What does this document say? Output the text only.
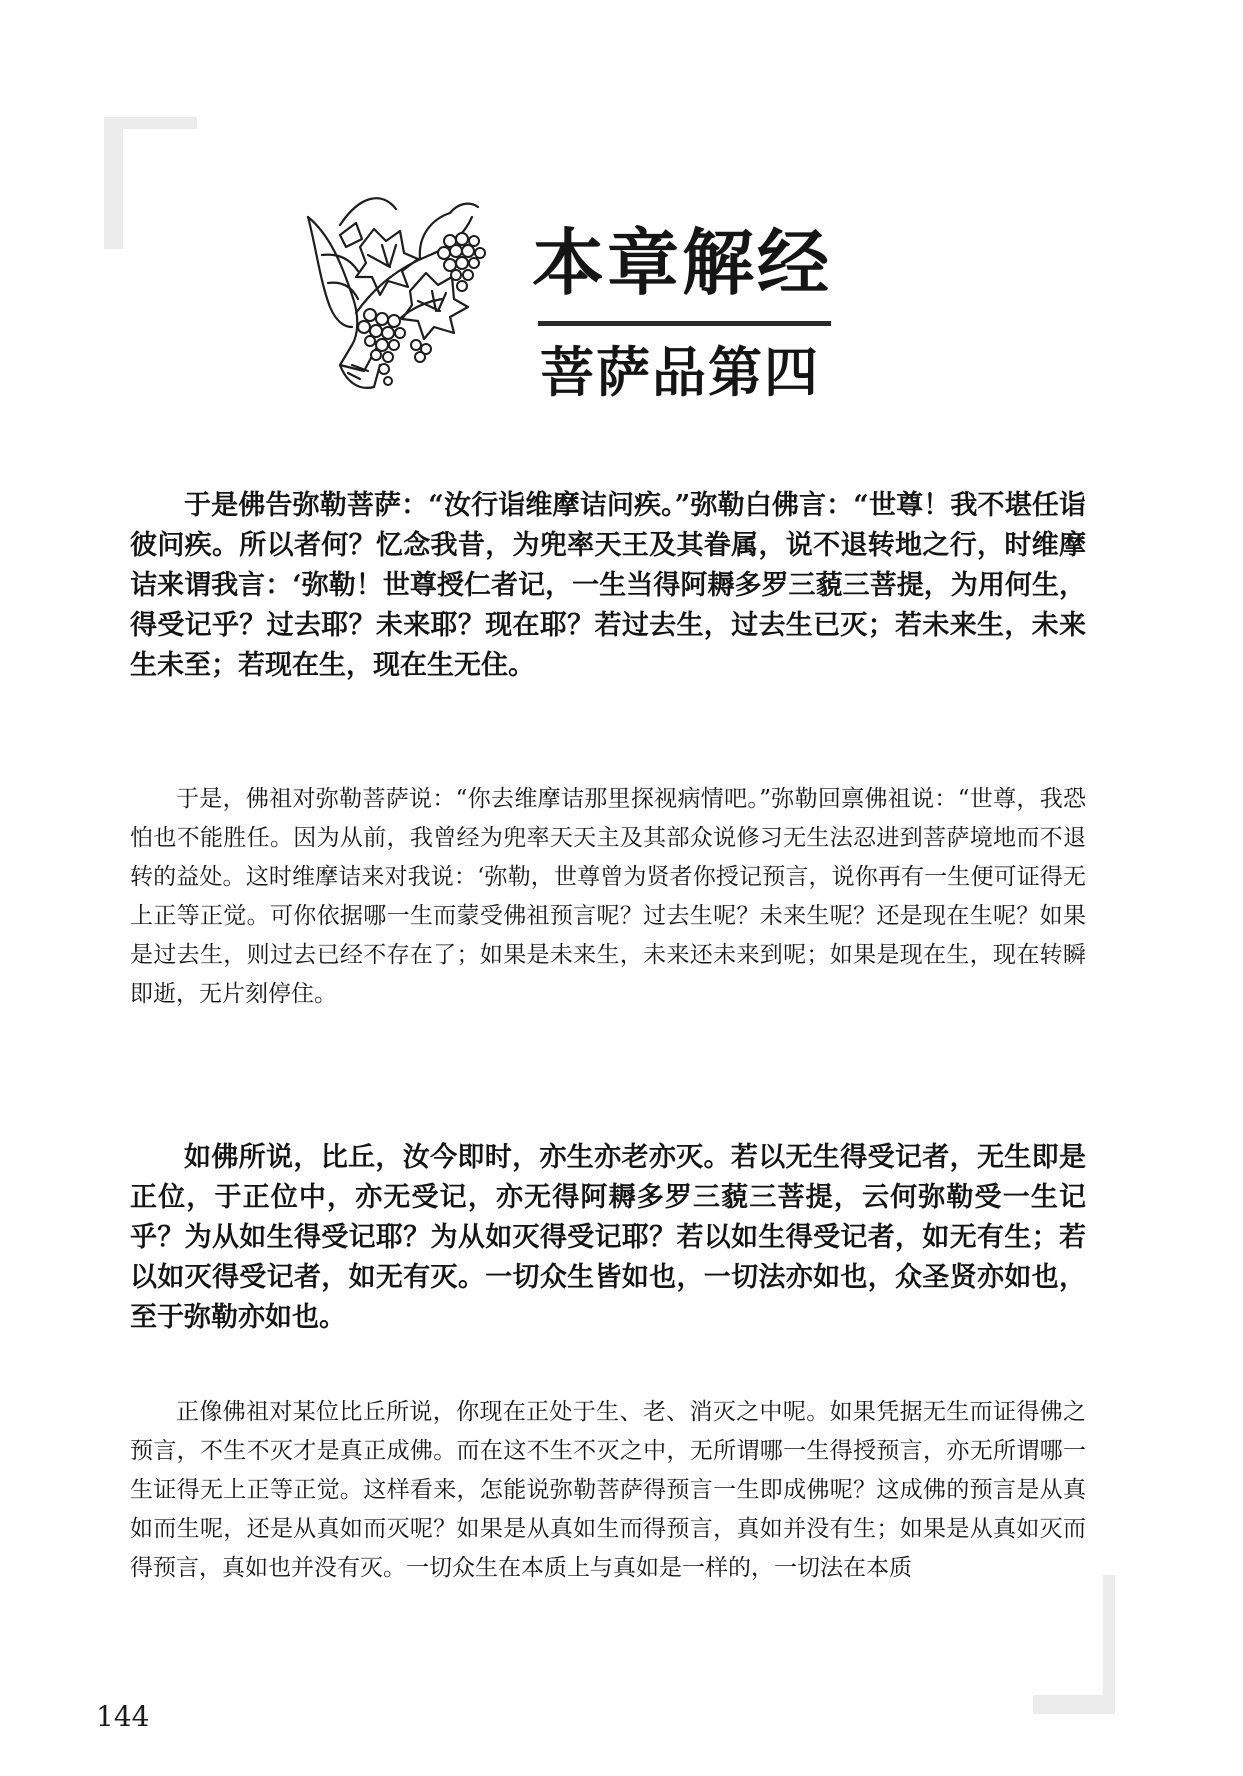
本章解经
菩萨品第四

于是佛告弥勒菩萨：“汝行诣维摩诘问疾。”弥勒白佛言：“世尊！我不堪任诣彼问疾。所以者何？忆念我昔，为兜率天王及其眷属，说不退转地之行，时维摩诘来谓我言：‘弥勒！世尊授仁者记，一生当得阿耨多罗三藐三菩提，为用何生，得受记乎？过去耶？未来耶？现在耶？若过去生，过去生已灭；若未来生，未来生未至；若现在生，现在生无住。

于是，佛祖对弥勒菩萨说：“你去维摩诘那里探视病情吧。”弥勒回禀佛祖说：“世尊，我恐怕也不能胜任。因为从前，我曾经为兜率天天主及其部众说修习无生法忍进到菩萨境地而不退转的益处。这时维摩诘来对我说：‘弥勒，世尊曾为贤者你授记预言，说你再有一生便可证得无上正等正觉。可你依据哪一生而蒙受佛祖预言呢？过去生呢？未来生呢？还是现在生呢？如果是过去生，则过去已经不存在了；如果是未来生，未来还未来到呢；如果是现在生，现在转瞬即逝，无片刻停住。

如佛所说，比丘，汝今即时，亦生亦老亦灭。若以无生得受记者，无生即是正位，于正位中，亦无受记，亦无得阿耨多罗三藐三菩提，云何弥勒受一生记乎？为从如生得受记耶？为从如灭得受记耶？若以如生得受记者，如无有生；若以如灭得受记者，如无有灭。一切众生皆如也，一切法亦如也，众圣贤亦如也，至于弥勒亦如也。

正像佛祖对某位比丘所说，你现在正处于生、老、消灭之中呢。如果凭据无生而证得佛之预言，不生不灭才是真正成佛。而在这不生不灭之中，无所谓哪一生得授预言，亦无所谓哪一生证得无上正等正觉。这样看来，怎能说弥勒菩萨得预言一生即成佛呢？这成佛的预言是从真如而生呢，还是从真如而灭呢？如果是从真如生而得预言，真如并没有生；如果是从真如灭而得预言，真如也并没有灭。一切众生在本质上与真如是一样的，一切法在本质

144
